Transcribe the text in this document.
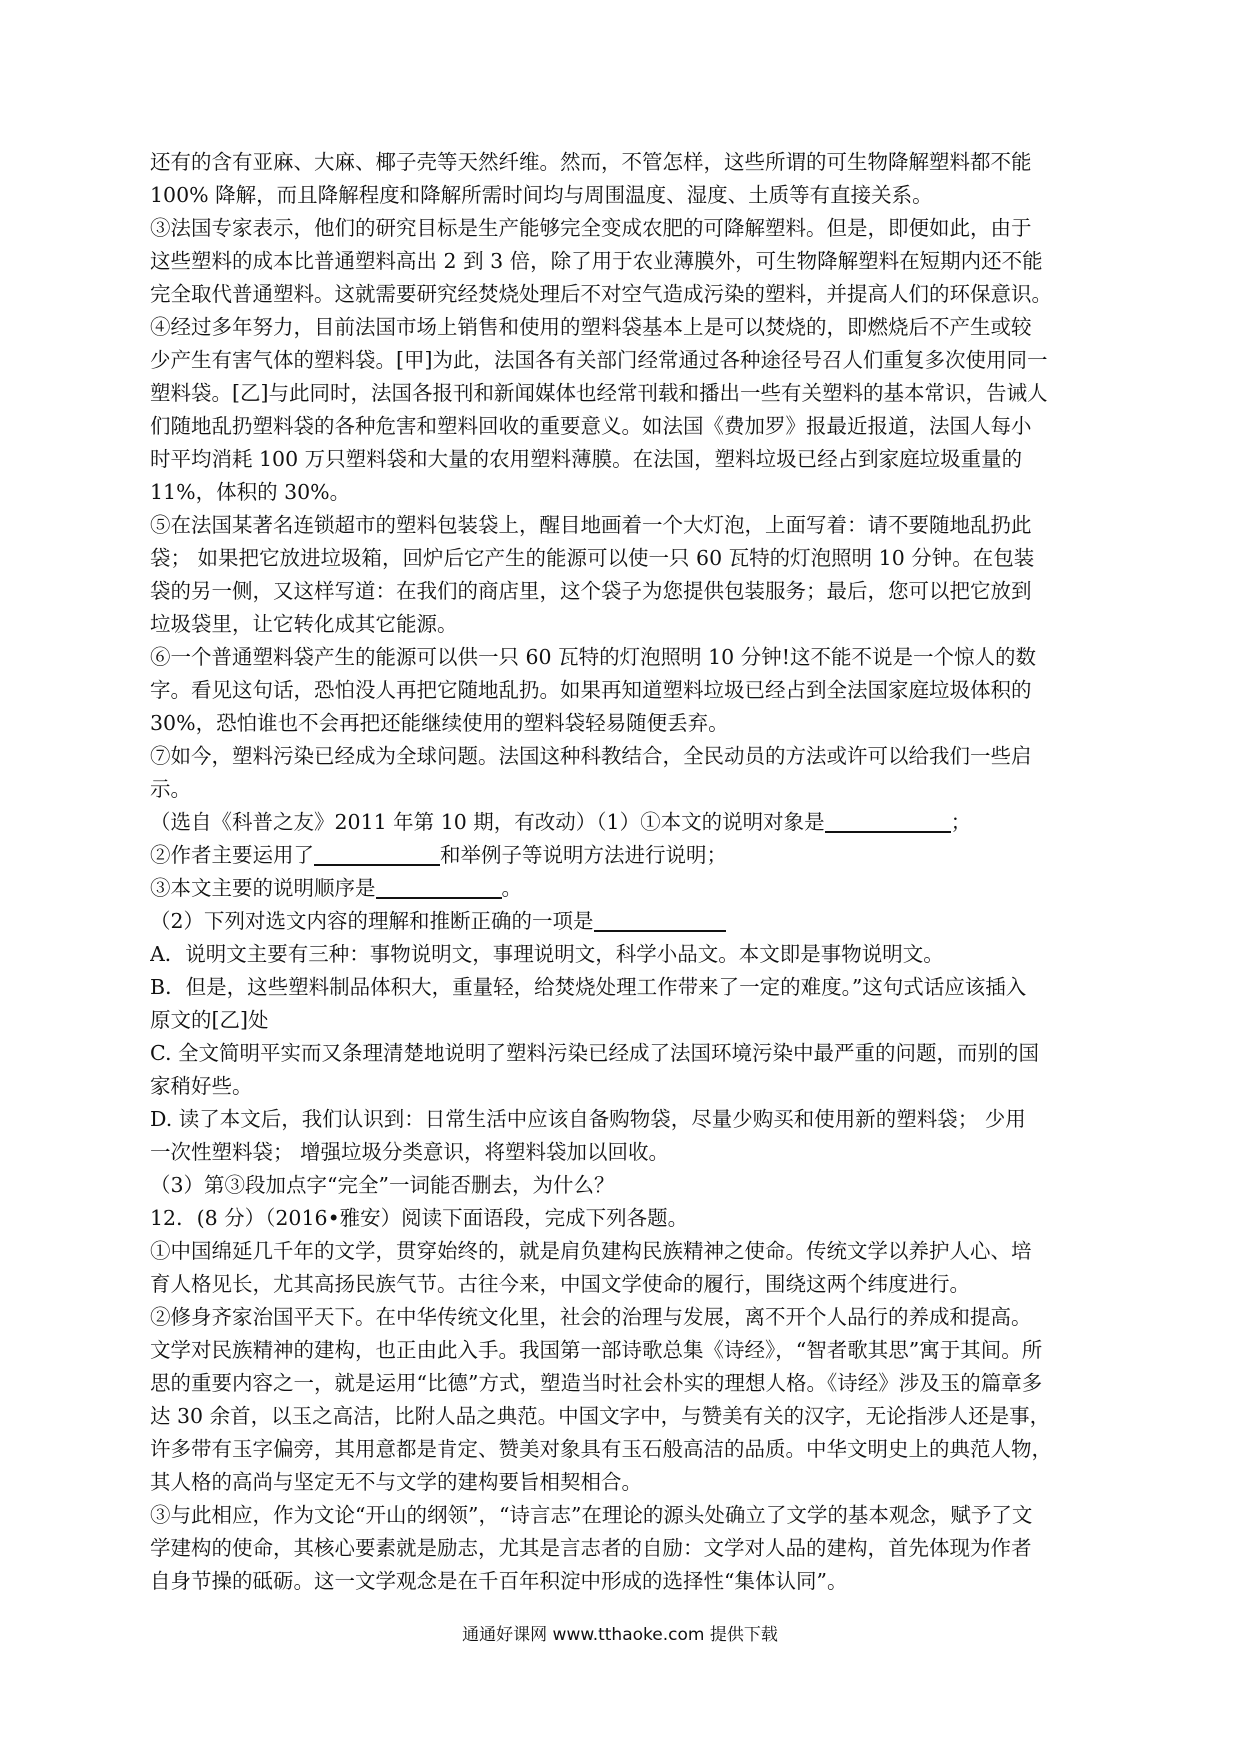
还有的含有亚麻、大麻、椰子壳等天然纤维。然而，不管怎样，这些所谓的可生物降解塑料都不能
100% 降解，而且降解程度和降解所需时间均与周围温度、湿度、土质等有直接关系。
③法国专家表示，他们的研究目标是生产能够完全变成农肥的可降解塑料。但是，即便如此，由于
这些塑料的成本比普通塑料高出 2 到 3 倍，除了用于农业薄膜外，可生物降解塑料在短期内还不能
完全取代普通塑料。这就需要研究经焚烧处理后不对空气造成污染的塑料，并提高人们的环保意识。
④经过多年努力，目前法国市场上销售和使用的塑料袋基本上是可以焚烧的，即燃烧后不产生或较
少产生有害气体的塑料袋。[甲]为此，法国各有关部门经常通过各种途径号召人们重复多次使用同一
塑料袋。[乙]与此同时，法国各报刊和新闻媒体也经常刊载和播出一些有关塑料的基本常识，告诫人
们随地乱扔塑料袋的各种危害和塑料回收的重要意义。如法国《费加罗》报最近报道，法国人每小
时平均消耗 100 万只塑料袋和大量的农用塑料薄膜。在法国，塑料垃圾已经占到家庭垃圾重量的
11%，体积的 30%。
⑤在法国某著名连锁超市的塑料包装袋上，醒目地画着一个大灯泡，上面写着：请不要随地乱扔此
袋； 如果把它放进垃圾箱，回炉后它产生的能源可以使一只 60 瓦特的灯泡照明 10 分钟。在包装
袋的另一侧，又这样写道：在我们的商店里，这个袋子为您提供包装服务；最后，您可以把它放到
垃圾袋里，让它转化成其它能源。
⑥一个普通塑料袋产生的能源可以供一只 60 瓦特的灯泡照明 10 分钟!这不能不说是一个惊人的数
字。看见这句话，恐怕没人再把它随地乱扔。如果再知道塑料垃圾已经占到全法国家庭垃圾体积的
30%，恐怕谁也不会再把还能继续使用的塑料袋轻易随便丢弃。
⑦如今，塑料污染已经成为全球问题。法国这种科教结合，全民动员的方法或许可以给我们一些启
示。
（选自《科普之友》2011 年第 10 期，有改动）（1）①本文的说明对象是	；
②作者主要运用了	和举例子等说明方法进行说明；
③本文主要的说明顺序是	。
（2）下列对选文内容的理解和推断正确的一项是
A．说明文主要有三种：事物说明文，事理说明文，科学小品文。本文即是事物说明文。
B．但是，这些塑料制品体积大，重量轻，给焚烧处理工作带来了一定的难度。”这句式话应该插入
原文的[乙]处
C. 全文简明平实而又条理清楚地说明了塑料污染已经成了法国环境污染中最严重的问题，而别的国
家稍好些。
D. 读了本文后，我们认识到：日常生活中应该自备购物袋，尽量少购买和使用新的塑料袋； 少用
一次性塑料袋； 增强垃圾分类意识，将塑料袋加以回收。
（3）第③段加点字“完全”一词能否删去，为什么？
12．(8 分）（2016•雅安）阅读下面语段，完成下列各题。
①中国绵延几千年的文学，贯穿始终的，就是肩负建构民族精神之使命。传统文学以养护人心、培
育人格见长，尤其高扬民族气节。古往今来，中国文学使命的履行，围绕这两个纬度进行。
②修身齐家治国平天下。在中华传统文化里，社会的治理与发展，离不开个人品行的养成和提高。
文学对民族精神的建构，也正由此入手。我国第一部诗歌总集《诗经》，“智者歌其思”寓于其间。所
思的重要内容之一，就是运用“比德”方式，塑造当时社会朴实的理想人格。《诗经》涉及玉的篇章多
达 30 余首，以玉之高洁，比附人品之典范。中国文字中，与赞美有关的汉字，无论指涉人还是事，
许多带有玉字偏旁，其用意都是肯定、赞美对象具有玉石般高洁的品质。中华文明史上的典范人物，
其人格的高尚与坚定无不与文学的建构要旨相契相合。
③与此相应，作为文论“开山的纲领”，“诗言志”在理论的源头处确立了文学的基本观念，赋予了文
学建构的使命，其核心要素就是励志，尤其是言志者的自励：文学对人品的建构，首先体现为作者
自身节操的砥砺。这一文学观念是在千百年积淀中形成的选择性“集体认同”。
通通好课网 www.tthaoke.com 提供下载
